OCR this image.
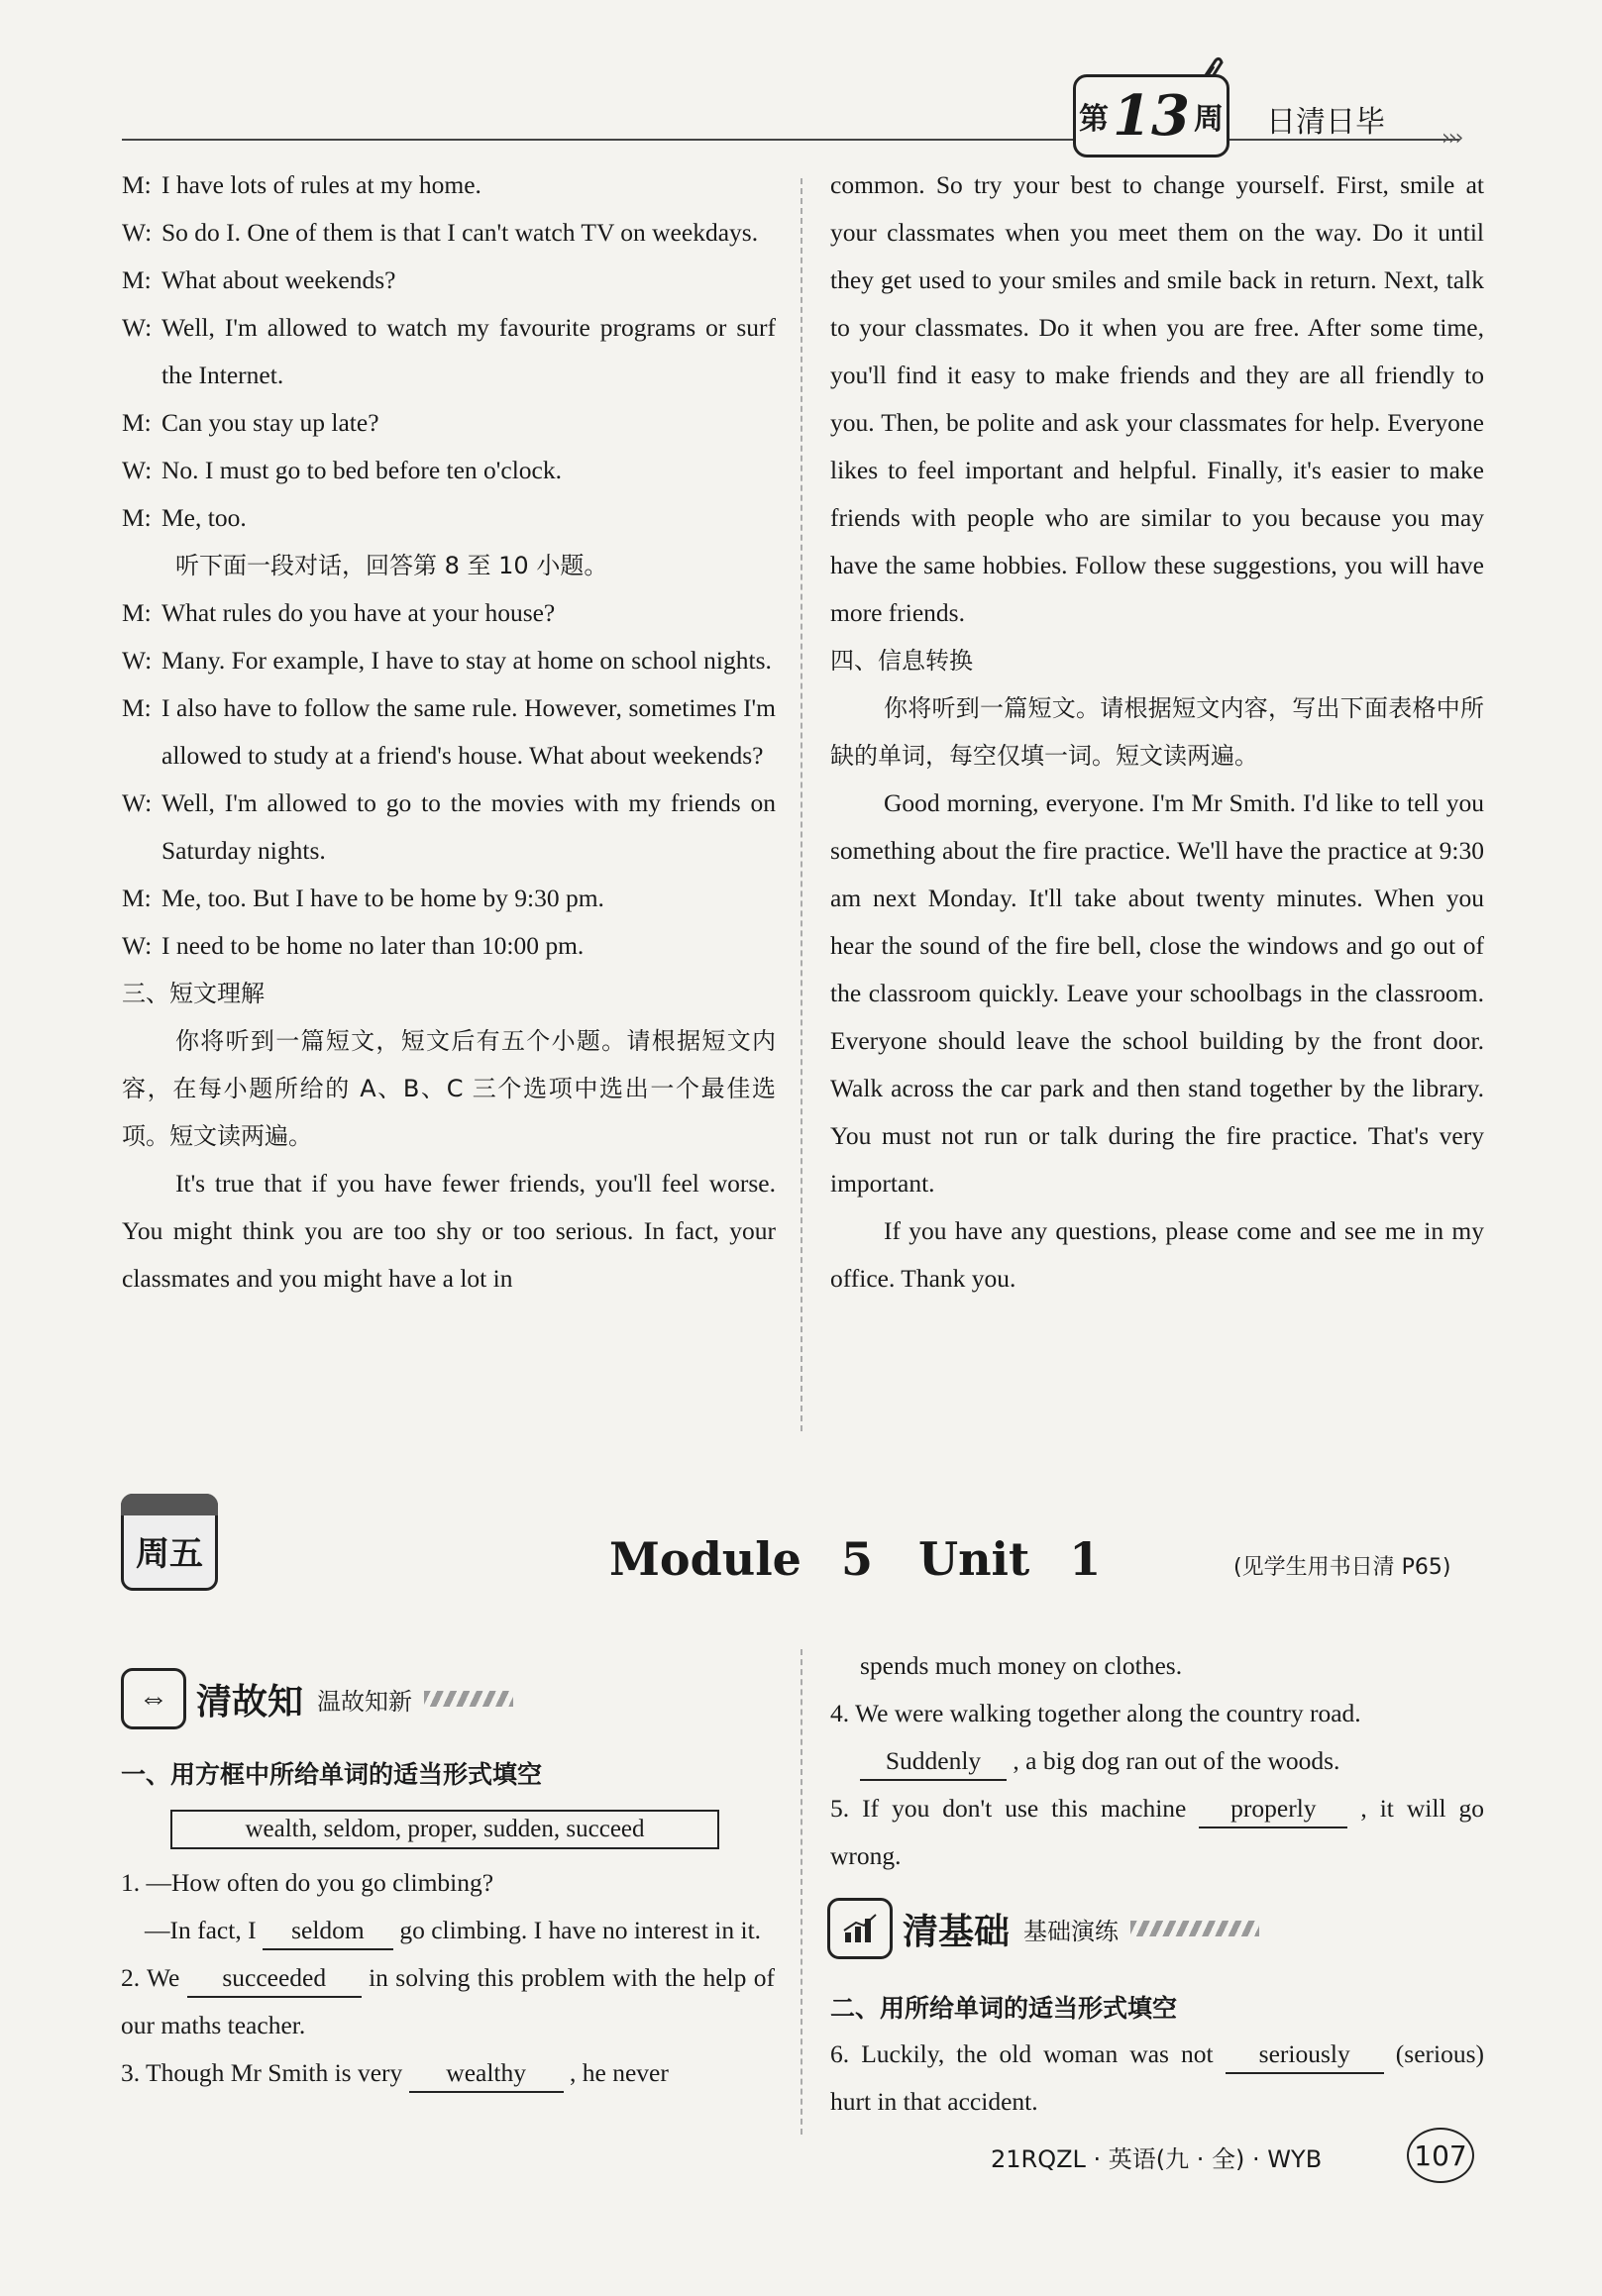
›››
第 13 周 日清日毕
M: I have lots of rules at my home.
W: So do I. One of them is that I can't watch TV on weekdays.
M: What about weekends?
W: Well, I'm allowed to watch my favourite programs or surf the Internet.
M: Can you stay up late?
W: No. I must go to bed before ten o'clock.
M: Me, too.
听下面一段对话，回答第 8 至 10 小题。
M: What rules do you have at your house?
W: Many. For example, I have to stay at home on school nights.
M: I also have to follow the same rule. However, sometimes I'm allowed to study at a friend's house. What about weekends?
W: Well, I'm allowed to go to the movies with my friends on Saturday nights.
M: Me, too. But I have to be home by 9:30 pm.
W: I need to be home no later than 10:00 pm.
三、短文理解
你将听到一篇短文，短文后有五个小题。请根据短文内容，在每小题所给的 A、B、C 三个选项中选出一个最佳选项。短文读两遍。
It's true that if you have fewer friends, you'll feel worse. You might think you are too shy or too serious. In fact, your classmates and you might have a lot in
common. So try your best to change yourself. First, smile at your classmates when you meet them on the way. Do it until they get used to your smiles and smile back in return. Next, talk to your classmates. Do it when you are free. After some time, you'll find it easy to make friends and they are all friendly to you. Then, be polite and ask your classmates for help. Everyone likes to feel important and helpful. Finally, it's easier to make friends with people who are similar to you because you may have the same hobbies. Follow these suggestions, you will have more friends.
四、信息转换
你将听到一篇短文。请根据短文内容，写出下面表格中所缺的单词，每空仅填一词。短文读两遍。
Good morning, everyone. I'm Mr Smith. I'd like to tell you something about the fire practice. We'll have the practice at 9:30 am next Monday. It'll take about twenty minutes. When you hear the sound of the fire bell, close the windows and go out of the classroom quickly. Leave your schoolbags in the classroom. Everyone should leave the school building by the front door. Walk across the car park and then stand together by the library. You must not run or talk during the fire practice. That's very important.
If you have any questions, please come and see me in my office. Thank you.
周五	Module 5　Unit 1	(见学生用书日清 P65)
⇔ 清故知 温故知新
一、用方框中所给单词的适当形式填空
wealth, seldom, proper, sudden, succeed
1. —How often do you go climbing?
—In fact, I seldom go climbing. I have no interest in it.
2. We succeeded in solving this problem with the help of our maths teacher.
3. Though Mr Smith is very wealthy , he never
spends much money on clothes.
4. We were walking together along the country road.
Suddenly , a big dog ran out of the woods.
5. If you don't use this machine properly , it will go wrong.
清基础 基础演练
二、用所给单词的适当形式填空
6. Luckily, the old woman was not seriously (serious) hurt in that accident.
21RQZL · 英语(九 · 全) · WYB	107
